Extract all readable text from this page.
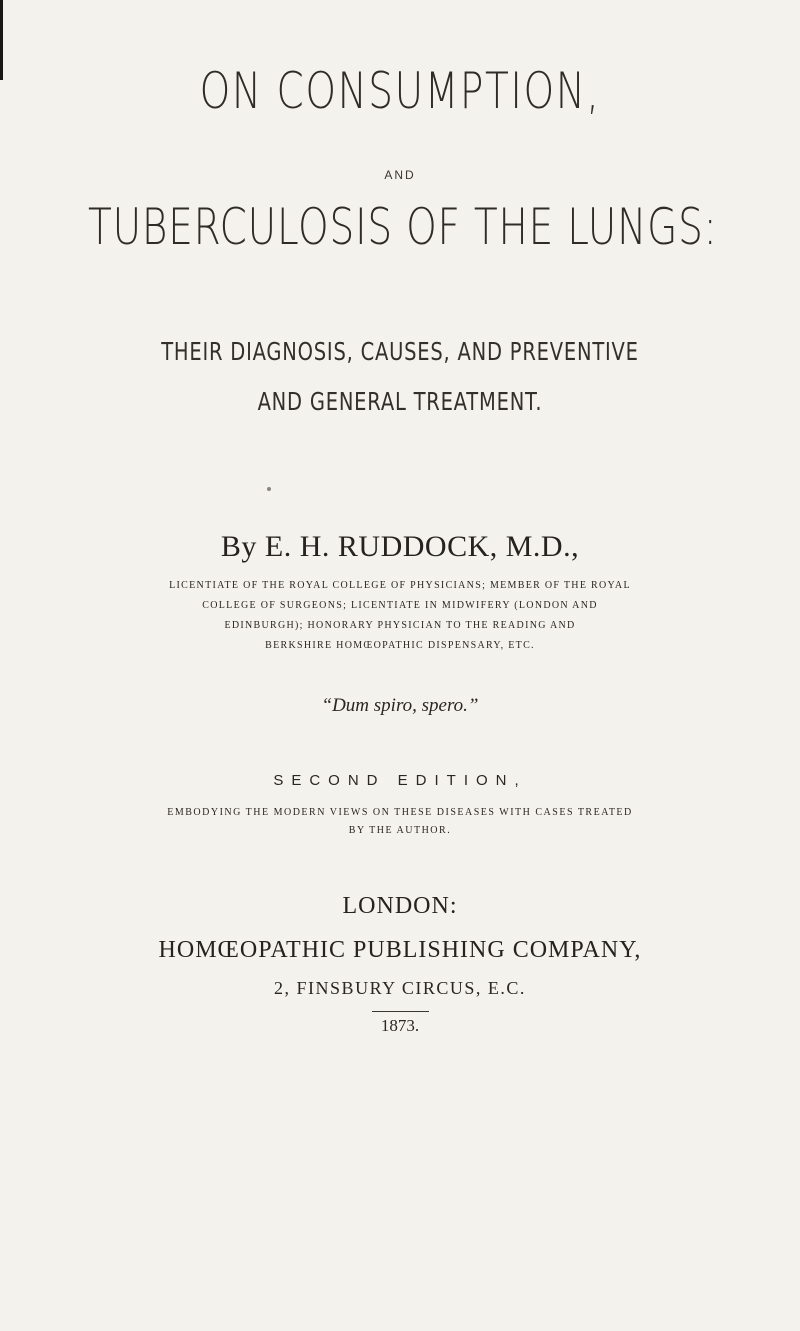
ON CONSUMPTION,
AND
TUBERCULOSIS OF THE LUNGS:
THEIR DIAGNOSIS, CAUSES, AND PREVENTIVE
AND GENERAL TREATMENT.
By E. H. RUDDOCK, M.D.,
LICENTIATE OF THE ROYAL COLLEGE OF PHYSICIANS; MEMBER OF THE ROYAL
COLLEGE OF SURGEONS; LICENTIATE IN MIDWIFERY (LONDON AND
EDINBURGH); HONORARY PHYSICIAN TO THE READING AND
BERKSHIRE HOMŒOPATHIC DISPENSARY, ETC.
“Dum spiro, spero.”
SECOND EDITION,
EMBODYING THE MODERN VIEWS ON THESE DISEASES WITH CASES TREATED
BY THE AUTHOR.
LONDON:
HOMŒOPATHIC PUBLISHING COMPANY,
2, FINSBURY CIRCUS, E.C.
1873.
